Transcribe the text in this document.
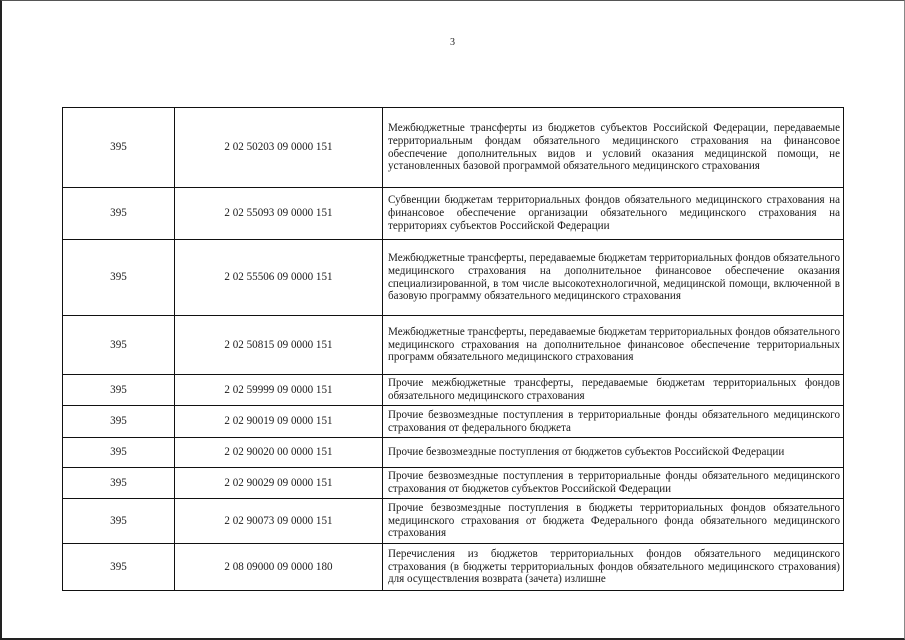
3
395	2 02 50203 09 0000 151	Межбюджетные трансферты из бюджетов субъектов Российской Федерации, передаваемые территориальным фондам обязательного медицинского страхования на финансовое обеспечение дополнительных видов и условий оказания медицинской помощи, не установленных базовой программой обязательного медицинского страхования
395	2 02 55093 09 0000 151	Субвенции бюджетам территориальных фондов обязательного медицинского страхования на финансовое обеспечение организации обязательного медицинского страхования на территориях субъектов Российской Федерации
395	2 02 55506 09 0000 151	Межбюджетные трансферты, передаваемые бюджетам территориальных фондов обязательного медицинского страхования на дополнительное финансовое обеспечение оказания специализированной, в том числе высокотехнологичной, медицинской помощи, включенной в базовую программу обязательного медицинского страхования
395	2 02 50815 09 0000 151	Межбюджетные трансферты, передаваемые бюджетам территориальных фондов обязательного медицинского страхования на дополнительное финансовое обеспечение территориальных программ обязательного медицинского страхования
395	2 02 59999 09 0000 151	Прочие межбюджетные трансферты, передаваемые бюджетам территориальных фондов обязательного медицинского страхования
395	2 02 90019 09 0000 151	Прочие безвозмездные поступления в территориальные фонды обязательного медицинского страхования от федерального бюджета
395	2 02 90020 00 0000 151	Прочие безвозмездные поступления от бюджетов субъектов Российской Федерации
395	2 02 90029 09 0000 151	Прочие безвозмездные поступления в территориальные фонды обязательного медицинского страхования от бюджетов субъектов Российской Федерации
395	2 02 90073 09 0000 151	Прочие безвозмездные поступления в бюджеты территориальных фондов обязательного медицинского страхования от бюджета Федерального фонда обязательного медицинского страхования
395	2 08 09000 09 0000 180	Перечисления из бюджетов территориальных фондов обязательного медицинского страхования (в бюджеты территориальных фондов обязательного медицинского страхования) для осуществления возврата (зачета) излишне
